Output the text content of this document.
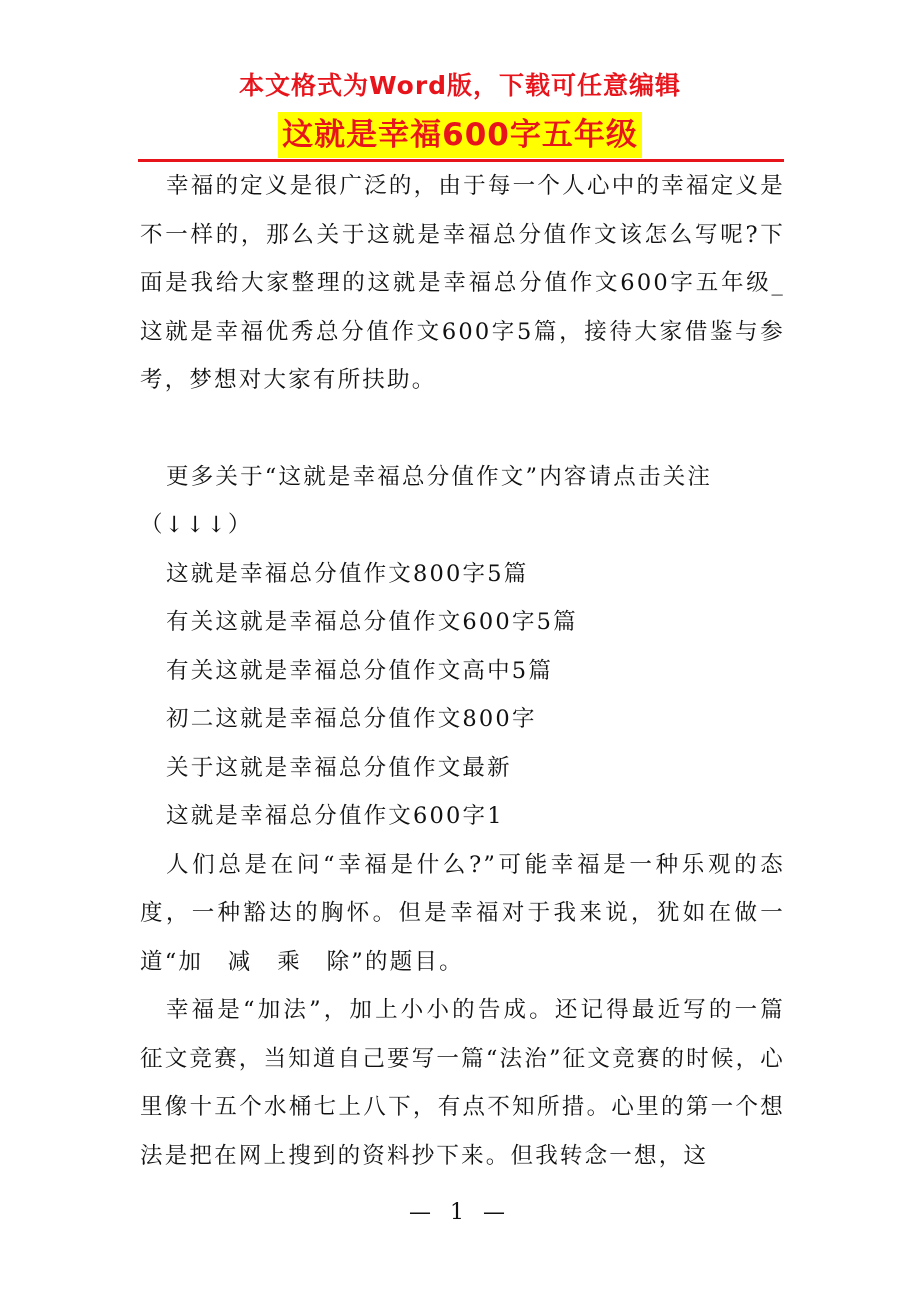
本文格式为Word版，下载可任意编辑
这就是幸福600字五年级

幸福的定义是很广泛的，由于每一个人心中的幸福定义是不一样的，那么关于这就是幸福总分值作文该怎么写呢?下面是我给大家整理的这就是幸福总分值作文600字五年级_这就是幸福优秀总分值作文600字5篇，接待大家借鉴与参考，梦想对大家有所扶助。

更多关于“这就是幸福总分值作文”内容请点击关注

（↓↓↓）

这就是幸福总分值作文800字5篇

有关这就是幸福总分值作文600字5篇

有关这就是幸福总分值作文高中5篇

初二这就是幸福总分值作文800字

关于这就是幸福总分值作文最新

这就是幸福总分值作文600字1

人们总是在问“幸福是什么?”可能幸福是一种乐观的态度，一种豁达的胸怀。但是幸福对于我来说，犹如在做一道“加　减　乘　除”的题目。

幸福是“加法”，加上小小的告成。还记得最近写的一篇征文竞赛，当知道自己要写一篇“法治”征文竞赛的时候，心里像十五个水桶七上八下，有点不知所措。心里的第一个想法是把在网上搜到的资料抄下来。但我转念一想，这

— 1 —
